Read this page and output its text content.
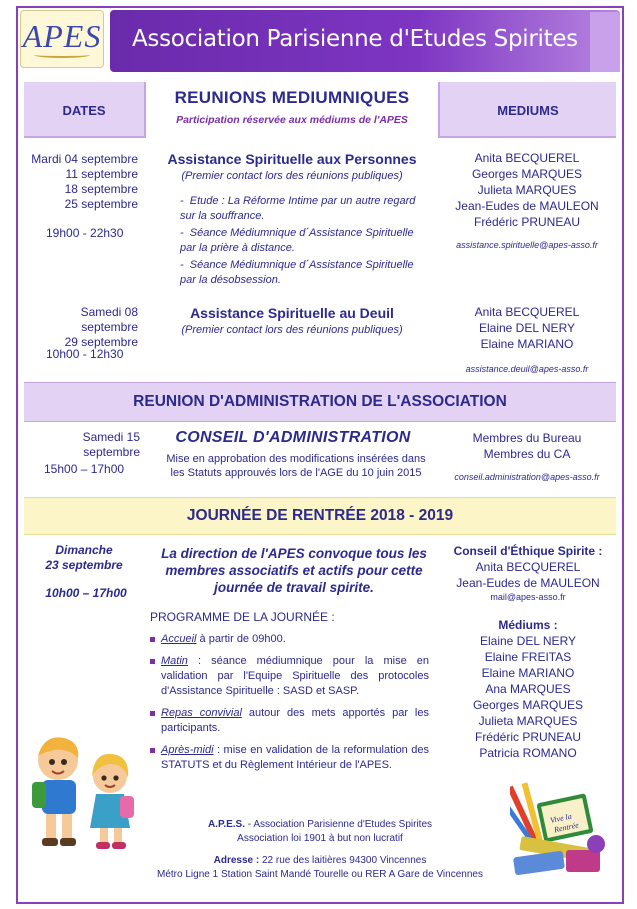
APES Association Parisienne d'Etudes Spirites
DATES
REUNIONS MEDIUMNIQUES
Participation réservée aux médiums de l'APES
MEDIUMS
Mardi 04 septembre
11 septembre
18 septembre
25 septembre
19h00 - 22h30
Assistance Spirituelle aux Personnes
(Premier contact lors des réunions publiques)
-  Etude : La Réforme Intime par un autre regard sur la souffrance.
-  Séance Médiumnique d´Assistance Spirituelle par la prière à distance.
-  Séance Médiumnique d´Assistance Spirituelle par la désobsession.
Anita BECQUEREL
Georges MARQUES
Julieta MARQUES
Jean-Eudes de MAULEON
Frédéric PRUNEAU
assistance.spirituelle@apes-asso.fr
Samedi 08 septembre
29 septembre
10h00 - 12h30
Assistance Spirituelle au Deuil
(Premier contact lors des réunions publiques)
Anita BECQUEREL
Elaine DEL NERY
Elaine MARIANO
assistance.deuil@apes-asso.fr
REUNION D'ADMINISTRATION DE L'ASSOCIATION
Samedi 15 septembre
15h00 – 17h00
CONSEIL D'ADMINISTRATION
Mise en approbation des modifications insérées dans les Statuts approuvés lors de l'AGE du 10 juin 2015
Membres du Bureau
Membres du CA
conseil.administration@apes-asso.fr
JOURNÉE DE RENTRÉE 2018 - 2019
Dimanche
23 septembre
10h00 – 17h00
La direction de l'APES convoque tous les membres associatifs et actifs pour cette journée de travail spirite.
PROGRAMME DE LA JOURNÉE :
Accueil à partir de 09h00.
Matin : séance médiumnique pour la mise en validation par l'Equipe Spirituelle des protocoles d'Assistance Spirituelle : SASD et SASP.
Repas convivial autour des mets apportés par les participants.
Après-midi : mise en validation de la reformulation des STATUTS et du Règlement Intérieur de l'APES.
Conseil d'Éthique Spirite :
Anita BECQUEREL
Jean-Eudes de MAULEON
mail@apes-asso.fr
Médiums :
Elaine DEL NERY
Elaine FREITAS
Elaine MARIANO
Ana MARQUES
Georges MARQUES
Julieta MARQUES
Frédéric PRUNEAU
Patricia ROMANO
Vive la
Rentrée
A.P.E.S. - Association Parisienne d'Etudes Spirites
Association loi 1901 à but non lucratif
Adresse : 22 rue des laitières 94300 Vincennes
Métro Ligne 1 Station Saint Mandé Tourelle ou RER A Gare de Vincennes
